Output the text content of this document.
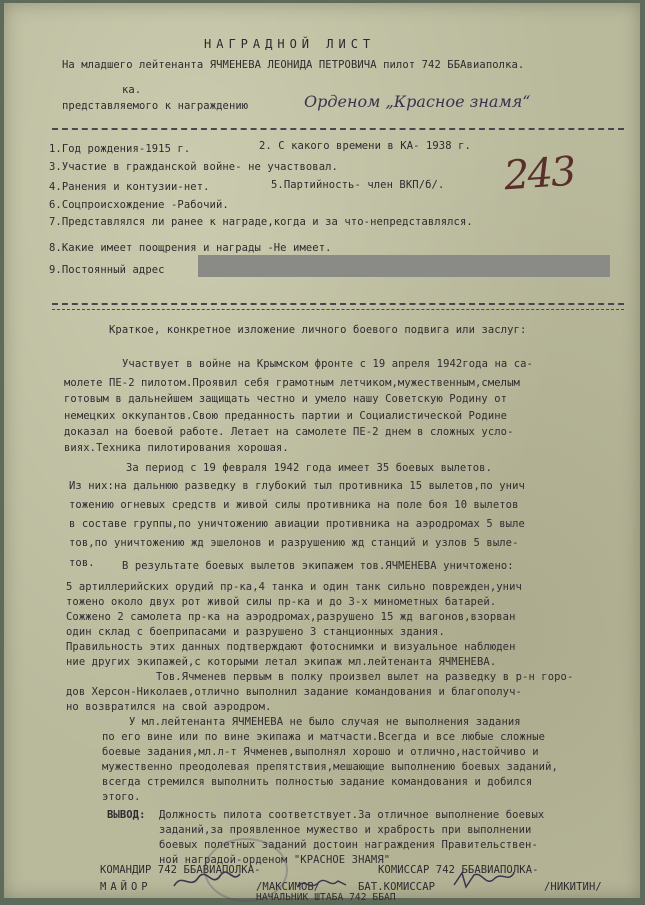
НАГРАДНОЙ ЛИСТ
На младшего лейтенанта ЯЧМЕНЕВА ЛЕОНИДА ПЕТРОВИЧА пилот 742 ББАвиаполка.
ка.
представляемого к награждению	Орденом „Красное знамя“
1.Год рождения-1915 г.	2. С какого времени в КА- 1938 г.
243
3.Участие в гражданской войне- не участвовал.
4.Ранения и контузии-нет.	5.Партийность- член ВКП/б/.
6.Соцпроисхождение -Рабочий.
7.Представлялся ли ранее к награде,когда и за что-непредставлялся.
8.Какие имеет поощрения и награды -Не имеет.
9.Постоянный адрес
Краткое, конкретное изложение личного боевого подвига или заслуг:
Участвует в войне на Крымском фронте с 19 апреля 1942года на са-
молете ПЕ-2 пилотом.Проявил себя грамотным летчиком,мужественным,смелым
готовым в дальнейшем защищать честно и умело нашу Советскую Родину от
немецких оккупантов.Свою преданность партии и Социалистической Родине
доказал на боевой работе. Летает на самолете ПЕ-2 днем в сложных усло-
виях.Техника пилотирования хорошая.
За период с 19 февраля 1942 года имеет 35 боевых вылетов.
Из них:на дальнюю разведку в глубокий тыл противника 15 вылетов,по унич
тожению огневых средств и живой силы противника на поле боя 10 вылетов
в составе группы,по уничтожению авиации противника на аэродромах 5 выле
тов,по уничтожению жд эшелонов и разрушению жд станций и узлов 5 выле-
тов.	В результате боевых вылетов экипажем тов.ЯЧМЕНЕВА уничтожено:
5 артиллерийских орудий пр-ка,4 танка и один танк сильно поврежден,унич
тожено около двух рот живой силы пр-ка и до 3-х минометных батарей.
Сожжено 2 самолета пр-ка на аэродромах,разрушено 15 жд вагонов,взорван
один склад с боеприпасами и разрушено 3 станционных здания.
Правильность этих данных подтверждают фотоснимки и визуальное наблюден
ние других экипажей,с которыми летал экипаж мл.лейтенанта ЯЧМЕНЕВА.
Тов.Ячменев первым в полку произвел вылет на разведку в р-н горо-
дов Херсон-Николаев,отлично выполнил задание командования и благополуч-
но возвратился на свой аэродром.
У мл.лейтенанта ЯЧМЕНЕВА не было случая не выполнения задания
по его вине или по вине экипажа и матчасти.Всегда и все любые сложные
боевые задания,мл.л-т Ячменев,выполнял хорошо и отлично,настойчиво и
мужественно преодолевая препятствия,мешающие выполнению боевых заданий,
всегда стремился выполнить полностью задание командования и добился
этого.
ВЫВОД: Должность пилота соответствует.За отличное выполнение боевых
заданий,за проявленное мужество и храбрость при выполнении
боевых полетных заданий достоин награждения Правительствен-
ной наградой-орденом "КРАСНОЕ ЗНАМЯ"
КОМАНДИР 742 ББАВИАПОЛКА-
МАЙОР	/МАКСИМОВ/
КОМИССАР 742 ББАВИАПОЛКА-
БАТ.КОМИССАР	/НИКИТИН/
НАЧАЛЬНИК ШТАБА 742 ББАП
